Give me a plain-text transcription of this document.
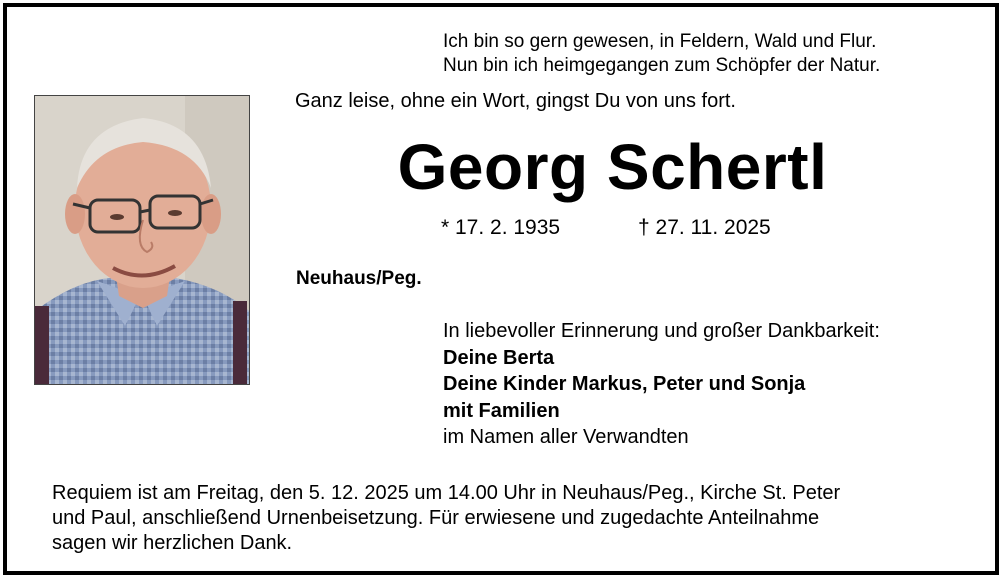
Ich bin so gern gewesen, in Feldern, Wald und Flur.
Nun bin ich heimgegangen zum Schöpfer der Natur.
Ganz leise, ohne ein Wort, gingst Du von uns fort.
Georg Schertl
* 17. 2. 1935	† 27. 11. 2025
Neuhaus/Peg.
In liebevoller Erinnerung und großer Dankbarkeit:
Deine Berta
Deine Kinder Markus, Peter und Sonja
mit Familien
im Namen aller Verwandten
Requiem ist am Freitag, den 5. 12. 2025 um 14.00 Uhr in Neuhaus/Peg., Kirche St. Peter
und Paul, anschließend Urnenbeisetzung. Für erwiesene und zugedachte Anteilnahme
sagen wir herzlichen Dank.
